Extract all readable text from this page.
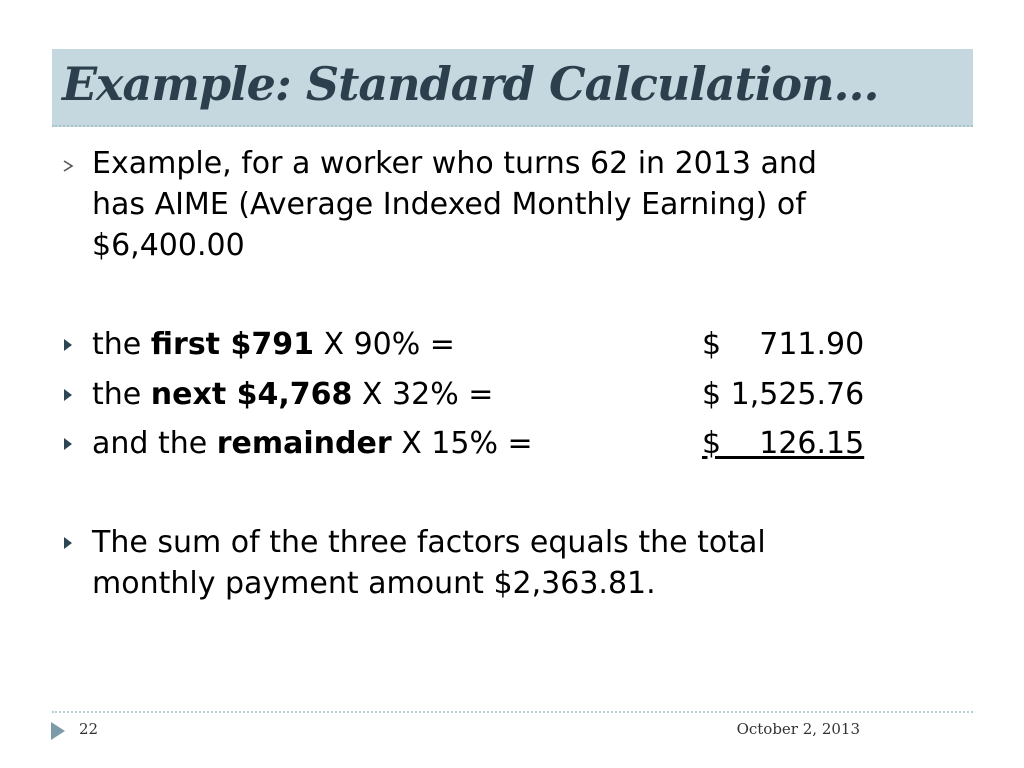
Example: Standard Calculation…
Example, for a worker who turns 62 in 2013 and
has AIME (Average Indexed Monthly Earning) of
$6,400.00
the first $791 X 90% =	$    711.90
the next $4,768 X 32% =	$ 1,525.76
and the remainder X 15% =	$    126.15
The sum of the three factors equals the total
monthly payment amount $2,363.81.
22	October 2, 2013
